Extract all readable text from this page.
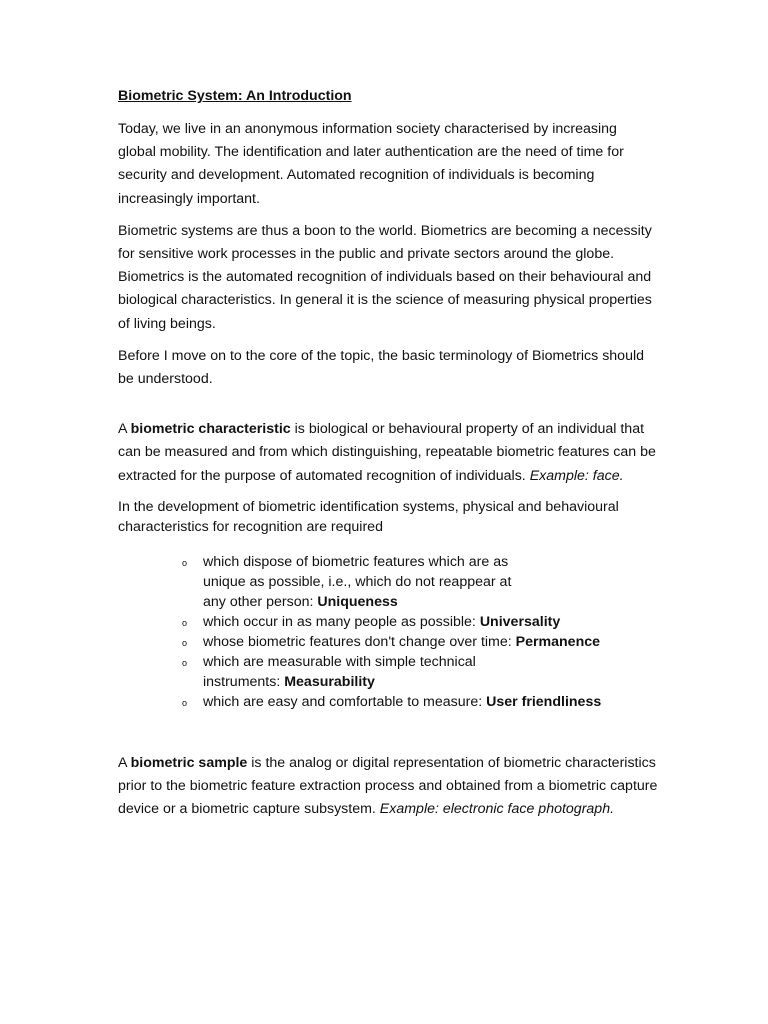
Biometric System: An Introduction

Today, we live in an anonymous information society characterised by increasing global mobility. The identification and later authentication are the need of time for security and development. Automated recognition of individuals is becoming increasingly important.

Biometric systems are thus a boon to the world. Biometrics are becoming a necessity for sensitive work processes in the public and private sectors around the globe. Biometrics is the automated recognition of individuals based on their behavioural and biological characteristics. In general it is the science of measuring physical properties of living beings.

Before I move on to the core of the topic, the basic terminology of Biometrics should be understood.

A biometric characteristic is biological or behavioural property of an individual that can be measured and from which distinguishing, repeatable biometric features can be extracted for the purpose of automated recognition of individuals. Example: face.

In the development of biometric identification systems, physical and behavioural characteristics for recognition are required

o which dispose of biometric features which are as unique as possible, i.e., which do not reappear at any other person: Uniqueness
o which occur in as many people as possible: Universality
o whose biometric features don't change over time: Permanence
o which are measurable with simple technical instruments: Measurability
o which are easy and comfortable to measure: User friendliness

A biometric sample is the analog or digital representation of biometric characteristics prior to the biometric feature extraction process and obtained from a biometric capture device or a biometric capture subsystem. Example: electronic face photograph.
